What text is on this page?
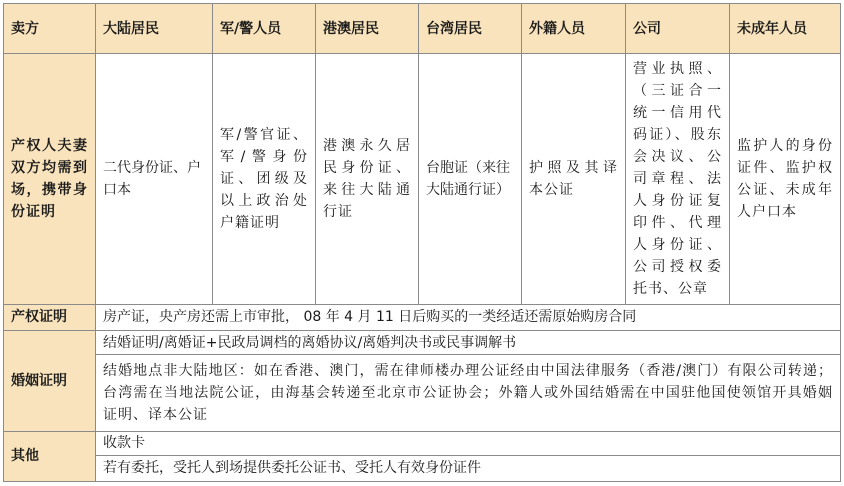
卖方	大陆居民	军/警人员	港澳居民	台湾居民	外籍人员	公司	未成年人员
产权人夫妻双方均需到场，携带身份证明	二代身份证、户口本	军/警官证、军/警身份证、团级及以上政治处户籍证明	港澳永久居民身份证、来往大陆通行证	台胞证（来往大陆通行证）	护照及其译本公证	营业执照、（三证合一统一信用代码证）、股东会决议、公司章程、法人身份证复印件、代理人身份证、公司授权委托书、公章	监护人的身份证件、监护权公证、未成年人户口本
产权证明	房产证，央产房还需上市审批， 08 年 4 月 11 日后购买的一类经适还需原始购房合同						
婚姻证明	结婚证明/离婚证+民政局调档的离婚协议/离婚判决书或民事调解书						
	结婚地点非大陆地区：如在香港、澳门，需在律师楼办理公证经由中国法律服务（香港/澳门）有限公司转递；台湾需在当地法院公证，由海基会转递至北京市公证协会；外籍人或外国结婚需在中国驻他国使领馆开具婚姻证明、译本公证						
其他	收款卡						
	若有委托，受托人到场提供委托公证书、受托人有效身份证件						
